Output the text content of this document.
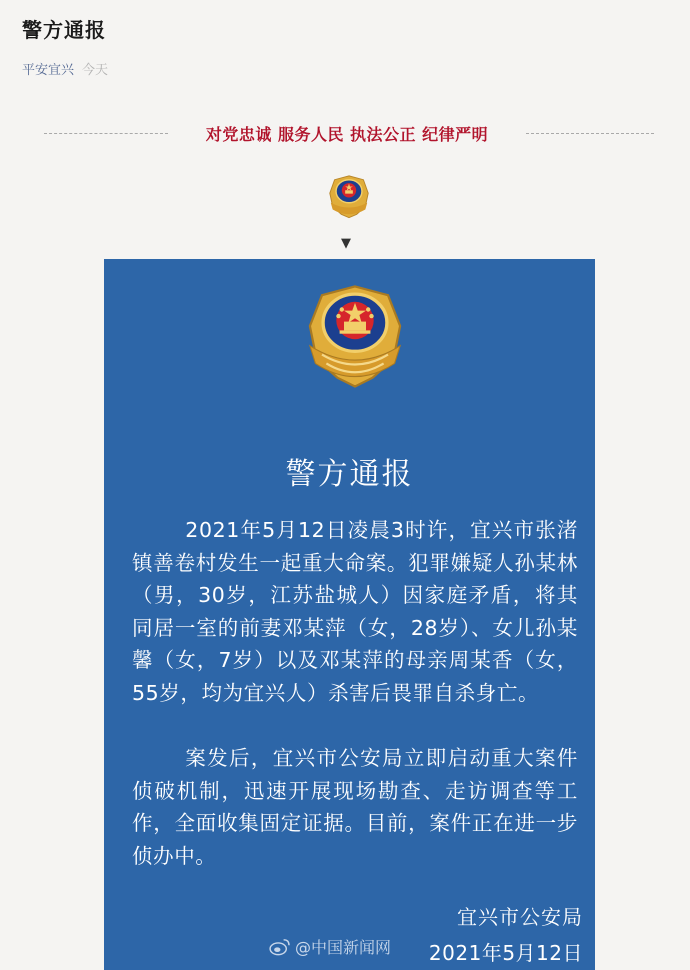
警方通报
平安宜兴 今天
对党忠诚 服务人民 执法公正 纪律严明
▼
警方通报

2021年5月12日凌晨3时许，宜兴市张渚镇善卷村发生一起重大命案。犯罪嫌疑人孙某林（男，30岁，江苏盐城人）因家庭矛盾，将其同居一室的前妻邓某萍（女，28岁）、女儿孙某馨（女，7岁）以及邓某萍的母亲周某香（女，55岁，均为宜兴人）杀害后畏罪自杀身亡。

案发后，宜兴市公安局立即启动重大案件侦破机制，迅速开展现场勘查、走访调查等工作，全面收集固定证据。目前，案件正在进一步侦办中。

宜兴市公安局
@中国新闻网 2021年5月12日
